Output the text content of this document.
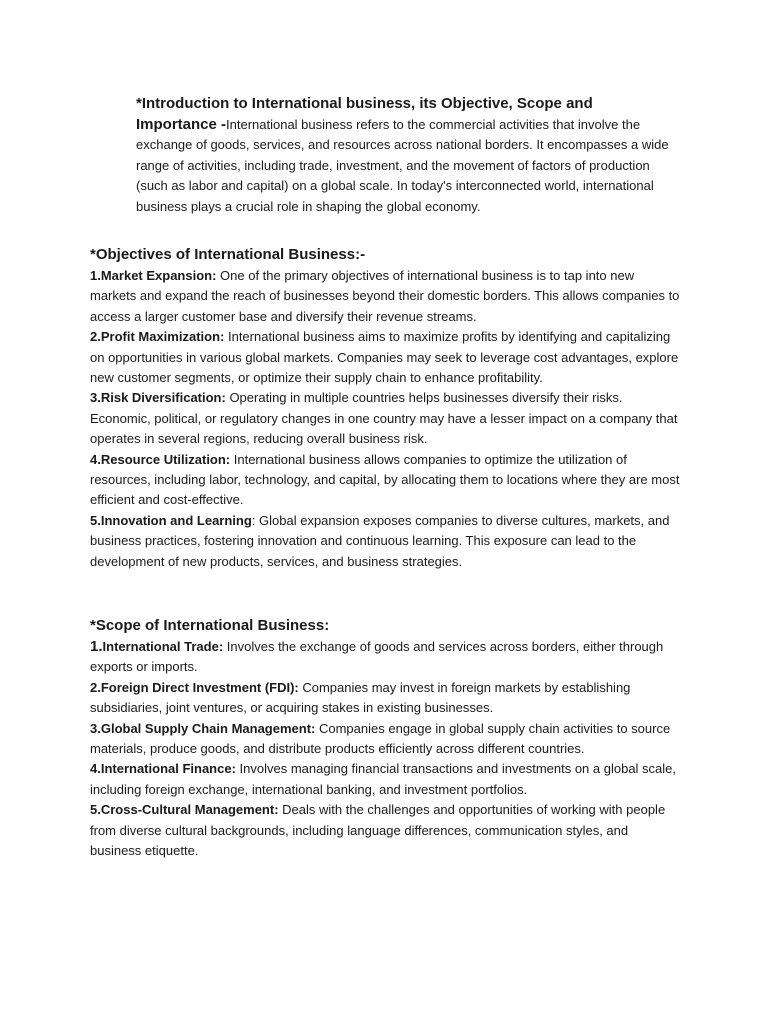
*Introduction to International business, its Objective, Scope and
Importance -International business refers to the commercial activities that involve the exchange of goods, services, and resources across national borders. It encompasses a wide range of activities, including trade, investment, and the movement of factors of production (such as labor and capital) on a global scale. In today's interconnected world, international business plays a crucial role in shaping the global economy.

*Objectives of International Business:-

1.Market Expansion: One of the primary objectives of international business is to tap into new markets and expand the reach of businesses beyond their domestic borders. This allows companies to access a larger customer base and diversify their revenue streams.

2.Profit Maximization: International business aims to maximize profits by identifying and capitalizing on opportunities in various global markets. Companies may seek to leverage cost advantages, explore new customer segments, or optimize their supply chain to enhance profitability.

3.Risk Diversification: Operating in multiple countries helps businesses diversify their risks. Economic, political, or regulatory changes in one country may have a lesser impact on a company that operates in several regions, reducing overall business risk.

4.Resource Utilization: International business allows companies to optimize the utilization of resources, including labor, technology, and capital, by allocating them to locations where they are most efficient and cost-effective.

5.Innovation and Learning: Global expansion exposes companies to diverse cultures, markets, and business practices, fostering innovation and continuous learning. This exposure can lead to the development of new products, services, and business strategies.

*Scope of International Business:

1.International Trade: Involves the exchange of goods and services across borders, either through exports or imports.

2.Foreign Direct Investment (FDI): Companies may invest in foreign markets by establishing subsidiaries, joint ventures, or acquiring stakes in existing businesses.

3.Global Supply Chain Management: Companies engage in global supply chain activities to source materials, produce goods, and distribute products efficiently across different countries.

4.International Finance: Involves managing financial transactions and investments on a global scale, including foreign exchange, international banking, and investment portfolios.

5.Cross-Cultural Management: Deals with the challenges and opportunities of working with people from diverse cultural backgrounds, including language differences, communication styles, and business etiquette.
